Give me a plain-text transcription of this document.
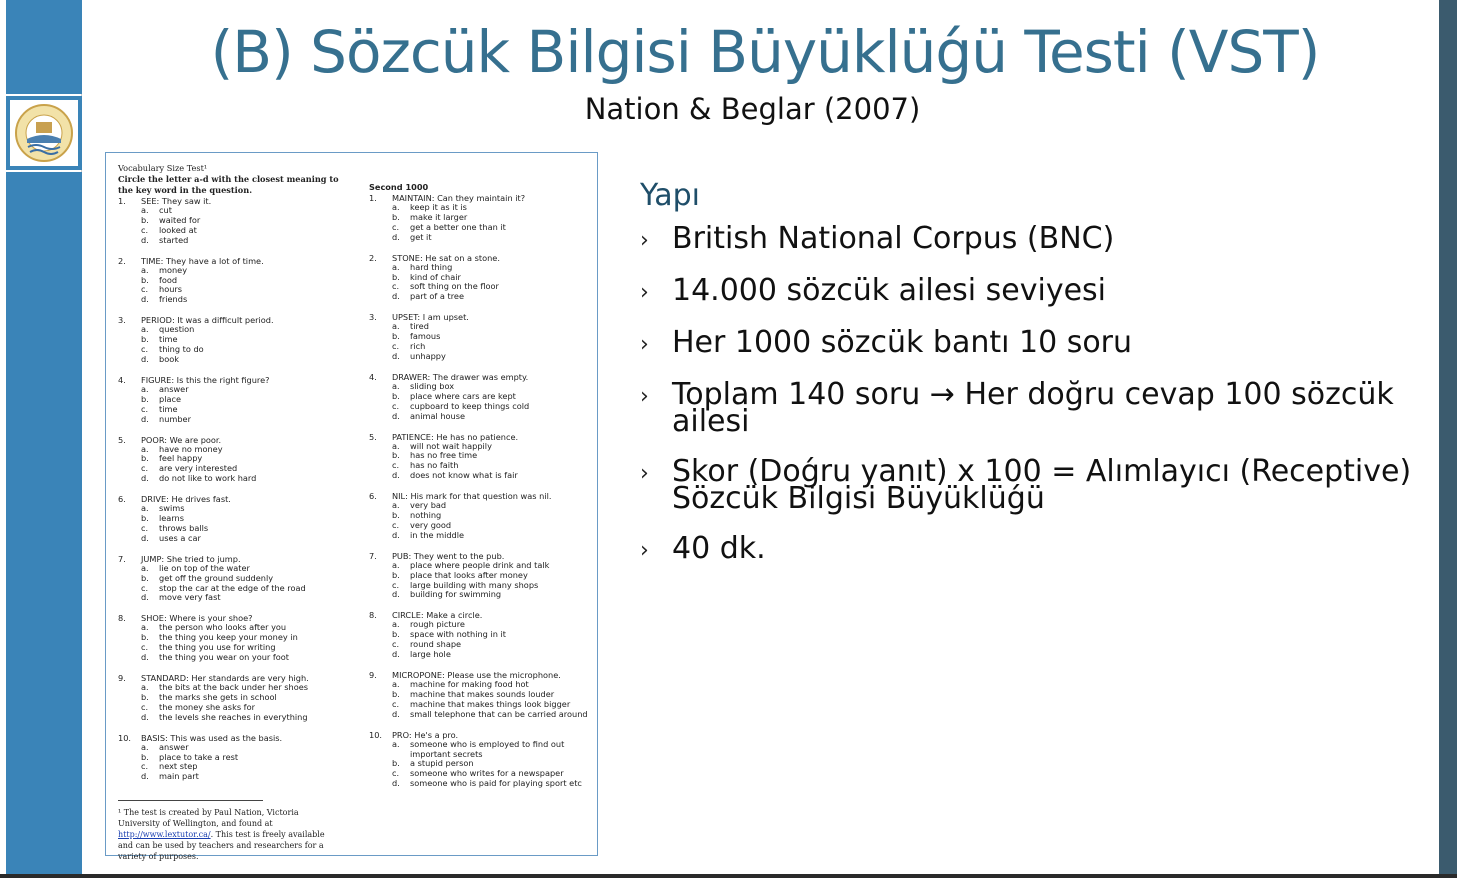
(B) Sözcük Bilgisi Büyüklüǵü Testi (VST)
Nation & Beglar (2007)
Vocabulary Size Test¹
Circle the letter a-d with the closest meaning to the key word in the question.
1.	SEE: They saw it.
a.	cut
b.	waited for
c.	looked at
d.	started
2.	TIME: They have a lot of time.
a.	money
b.	food
c.	hours
d.	friends
3.	PERIOD: It was a difficult period.
a.	question
b.	time
c.	thing to do
d.	book
4.	FIGURE: Is this the right figure?
a.	answer
b.	place
c.	time
d.	number
5.	POOR: We are poor.
a.	have no money
b.	feel happy
c.	are very interested
d.	do not like to work hard
6.	DRIVE: He drives fast.
a.	swims
b.	learns
c.	throws balls
d.	uses a car
7.	JUMP: She tried to jump.
a.	lie on top of the water
b.	get off the ground suddenly
c.	stop the car at the edge of the road
d.	move very fast
8.	SHOE: Where is your shoe?
a.	the person who looks after you
b.	the thing you keep your money in
c.	the thing you use for writing
d.	the thing you wear on your foot
9.	STANDARD: Her standards are very high.
a.	the bits at the back under her shoes
b.	the marks she gets in school
c.	the money she asks for
d.	the levels she reaches in everything
10.	BASIS: This was used as the basis.
a.	answer
b.	place to take a rest
c.	next step
d.	main part
Second 1000
1.	MAINTAIN: Can they maintain it?
a.	keep it as it is
b.	make it larger
c.	get a better one than it
d.	get it
2.	STONE: He sat on a stone.
a.	hard thing
b.	kind of chair
c.	soft thing on the floor
d.	part of a tree
3.	UPSET: I am upset.
a.	tired
b.	famous
c.	rich
d.	unhappy
4.	DRAWER: The drawer was empty.
a.	sliding box
b.	place where cars are kept
c.	cupboard to keep things cold
d.	animal house
5.	PATIENCE: He has no patience.
a.	will not wait happily
b.	has no free time
c.	has no faith
d.	does not know what is fair
6.	NIL: His mark for that question was nil.
a.	very bad
b.	nothing
c.	very good
d.	in the middle
7.	PUB: They went to the pub.
a.	place where people drink and talk
b.	place that looks after money
c.	large building with many shops
d.	building for swimming
8.	CIRCLE: Make a circle.
a.	rough picture
b.	space with nothing in it
c.	round shape
d.	large hole
9.	MICROPONE: Please use the microphone.
a.	machine for making food hot
b.	machine that makes sounds louder
c.	machine that makes things look bigger
d.	small telephone that can be carried around
10.	PRO: He's a pro.
a.	someone who is employed to find out important secrets
b.	a stupid person
c.	someone who writes for a newspaper
d.	someone who is paid for playing sport etc
¹ The test is created by Paul Nation, Victoria University of Wellington, and found at http://www.lextutor.ca/. This test is freely available and can be used by teachers and researchers for a variety of purposes.
Yapı
› British National Corpus (BNC)
› 14.000 sözcük ailesi seviyesi
› Her 1000 sözcük bantı 10 soru
› Toplam 140 soru → Her doğru cevap 100 sözcük ailesi
› Skor (Doǵru yanıt) x 100 = Alımlayıcı (Receptive) Sözcük Bilgisi Büyüklüǵü
› 40 dk.
